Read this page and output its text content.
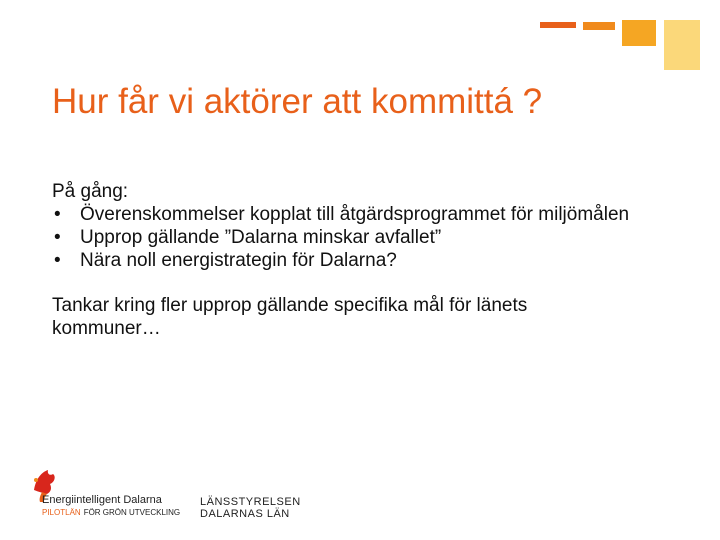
Hur får vi aktörer att kommittá ?

På gång:

• Överenskommelser kopplat till åtgärdsprogrammet för miljömålen
• Upprop gällande ”Dalarna minskar avfallet”
• Nära noll energistrategin för Dalarna?

Tankar kring fler upprop gällande specifika mål för länets kommuner…

Energiintelligent Dalarna
PILOTLÄN FÖR GRÖN UTVECKLING
LÄNSSTYRELSEN
DALARNAS LÄN
